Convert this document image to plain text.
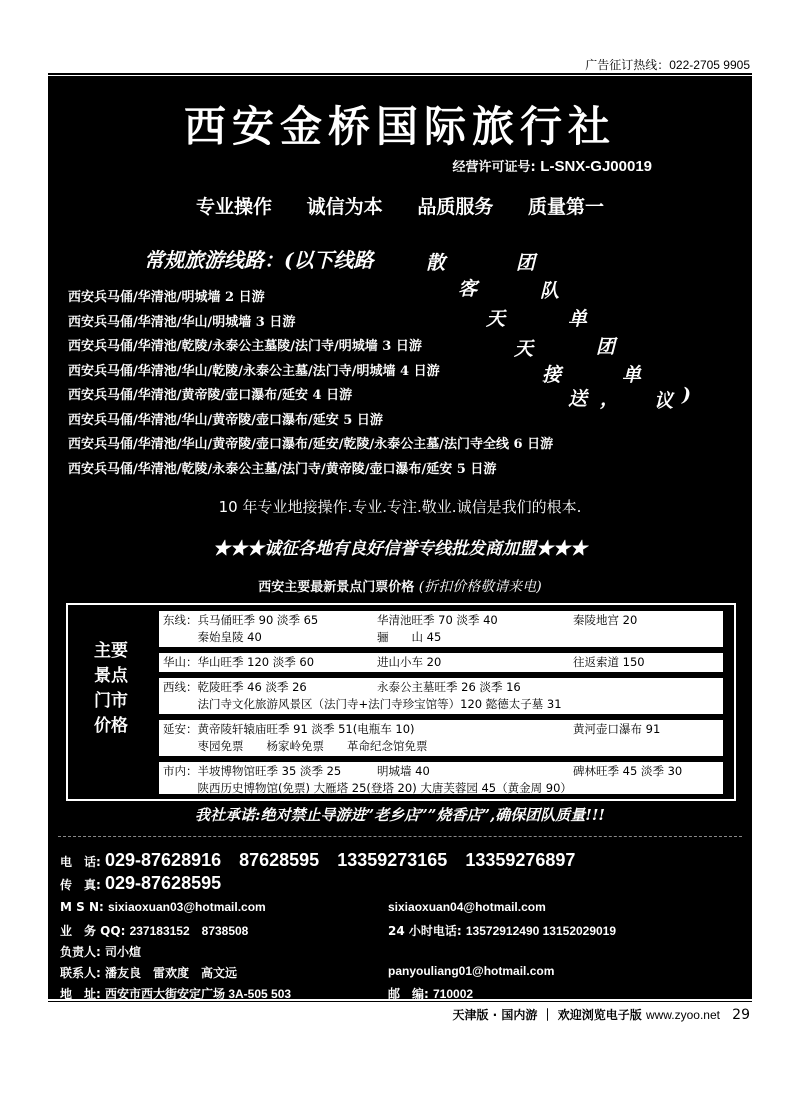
广告征订热线：022-2705 9905
西安金桥国际旅行社
经营许可证号: L-SNX-GJ00019
专业操作 诚信为本 品质服务 质量第一
常规旅游线路：(以下线路	散
客
天
天
接
送 ，
团
队
单
团
单
议 )
西安兵马俑/华清池/明城墙 2 日游
西安兵马俑/华清池/华山/明城墙 3 日游
西安兵马俑/华清池/乾陵/永泰公主墓陵/法门寺/明城墙 3 日游
西安兵马俑/华清池/华山/乾陵/永泰公主墓/法门寺/明城墙 4 日游
西安兵马俑/华清池/黄帝陵/壶口瀑布/延安 4 日游
西安兵马俑/华清池/华山/黄帝陵/壶口瀑布/延安 5 日游
西安兵马俑/华清池/华山/黄帝陵/壶口瀑布/延安/乾陵/永泰公主墓/法门寺全线 6 日游
西安兵马俑/华清池/乾陵/永泰公主墓/法门寺/黄帝陵/壶口瀑布/延安 5 日游
10 年专业地接操作.专业.专注.敬业.诚信是我们的根本.
★★★诚征各地有良好信誉专线批发商加盟★★★
西安主要最新景点门票价格 (折扣价格敬请来电)
主要
景点
门市
价格
东线：兵马俑旺季 90 淡季 65	华清池旺季 70 淡季 40	秦陵地宫 20
　　　秦始皇陵 40	骊　　山 45
华山：华山旺季 120 淡季 60	进山小车 20	往返索道 150
西线：乾陵旺季 46 淡季 26	永泰公主墓旺季 26 淡季 16
　　　法门寺文化旅游风景区（法门寺+法门寺珍宝馆等）120 懿德太子墓 31
延安：黄帝陵轩辕庙旺季 91 淡季 51(电瓶车 10)	黄河壶口瀑布 91
　　　枣园免票　　杨家岭免票　　革命纪念馆免票
市内：半坡博物馆旺季 35 淡季 25	明城墙 40	碑林旺季 45 淡季 30
　　　陕西历史博物馆(免票) 大雁塔 25(登塔 20) 大唐芙蓉园 45（黄金周 90）
我社承诺:绝对禁止导游进”老乡店””烧香店”,确保团队质量!!!
电　话: 029-87628916　87628595　13359273165　13359276897
传　真: 029-87628595
M S N: sixiaoxuan03@hotmail.com	sixiaoxuan04@hotmail.com
业　务 QQ: 237183152　8738508	24 小时电话: 13572912490 13152029019
负责人: 司小煊
联系人: 潘友良　雷欢度　高文远	panyouliang01@hotmail.com
地　址: 西安市西大街安定广场 3A-505 503	邮　编: 710002
天津版 · 国内游 ｜ 欢迎浏览电子版 www.zyoo.net 29
